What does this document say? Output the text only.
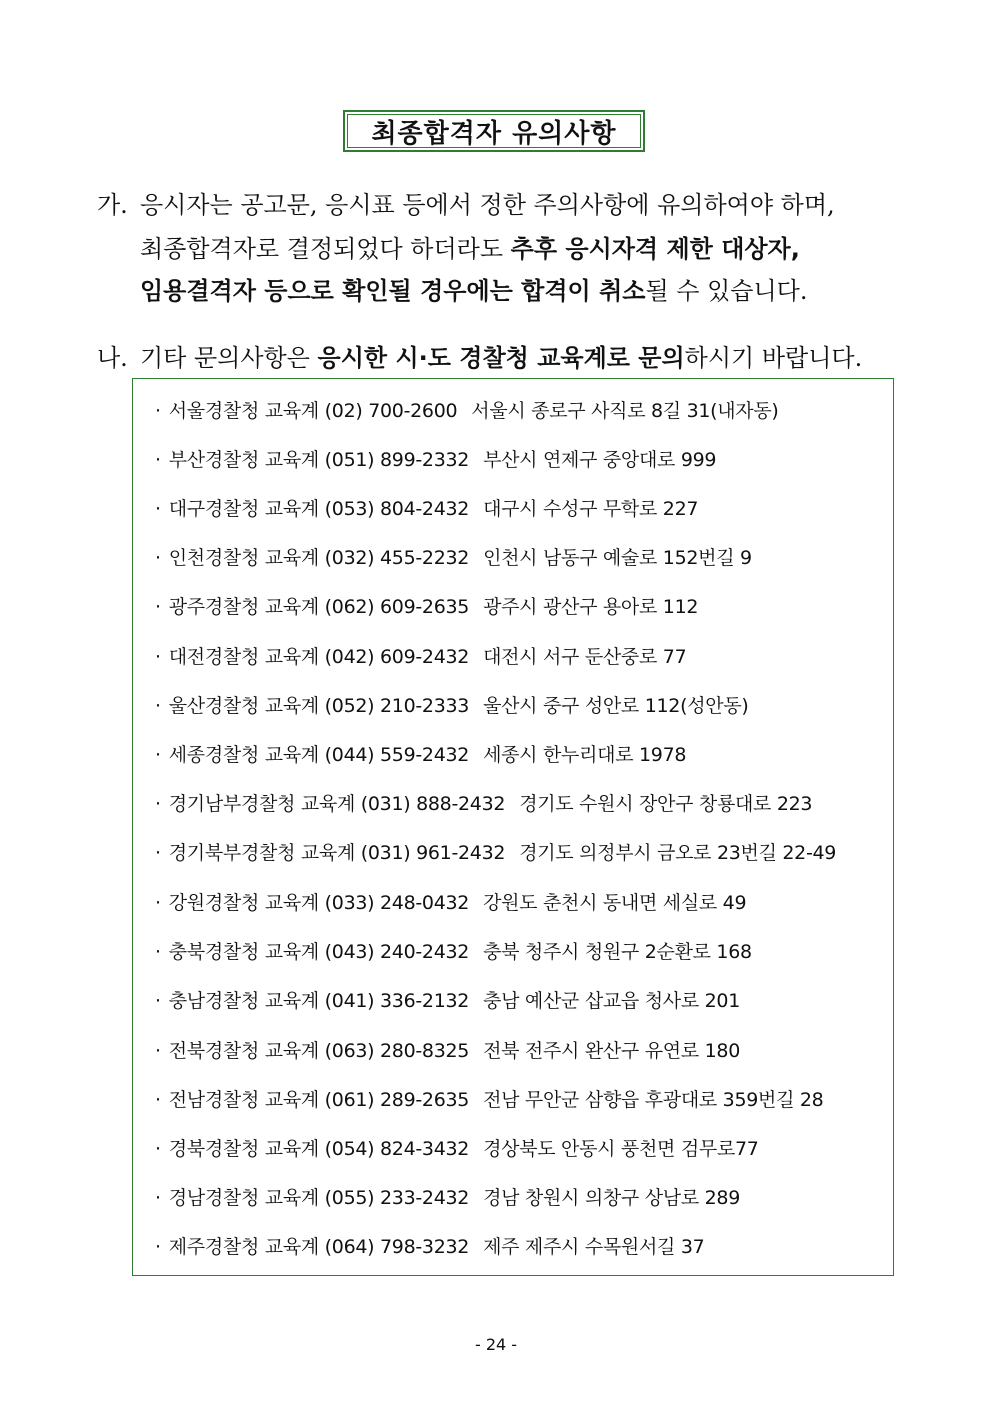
최종합격자 유의사항
가. 응시자는 공고문, 응시표 등에서 정한 주의사항에 유의하여야 하며,
최종합격자로 결정되었다 하더라도 추후 응시자격 제한 대상자,
임용결격자 등으로 확인될 경우에는 합격이 취소될 수 있습니다.
나. 기타 문의사항은 응시한 시·도 경찰청 교육계로 문의하시기 바랍니다.
· 서울경찰청 교육계 (02) 700-2600 서울시 종로구 사직로 8길 31(내자동)
· 부산경찰청 교육계 (051) 899-2332 부산시 연제구 중앙대로 999
· 대구경찰청 교육계 (053) 804-2432 대구시 수성구 무학로 227
· 인천경찰청 교육계 (032) 455-2232 인천시 남동구 예술로 152번길 9
· 광주경찰청 교육계 (062) 609-2635 광주시 광산구 용아로 112
· 대전경찰청 교육계 (042) 609-2432 대전시 서구 둔산중로 77
· 울산경찰청 교육계 (052) 210-2333 울산시 중구 성안로 112(성안동)
· 세종경찰청 교육계 (044) 559-2432 세종시 한누리대로 1978
· 경기남부경찰청 교육계 (031) 888-2432 경기도 수원시 장안구 창룡대로 223
· 경기북부경찰청 교육계 (031) 961-2432 경기도 의정부시 금오로 23번길 22-49
· 강원경찰청 교육계 (033) 248-0432 강원도 춘천시 동내면 세실로 49
· 충북경찰청 교육계 (043) 240-2432 충북 청주시 청원구 2순환로 168
· 충남경찰청 교육계 (041) 336-2132 충남 예산군 삽교읍 청사로 201
· 전북경찰청 교육계 (063) 280-8325 전북 전주시 완산구 유연로 180
· 전남경찰청 교육계 (061) 289-2635 전남 무안군 삼향읍 후광대로 359번길 28
· 경북경찰청 교육계 (054) 824-3432 경상북도 안동시 풍천면 검무로77
· 경남경찰청 교육계 (055) 233-2432 경남 창원시 의창구 상남로 289
· 제주경찰청 교육계 (064) 798-3232 제주 제주시 수목원서길 37
- 24 -
